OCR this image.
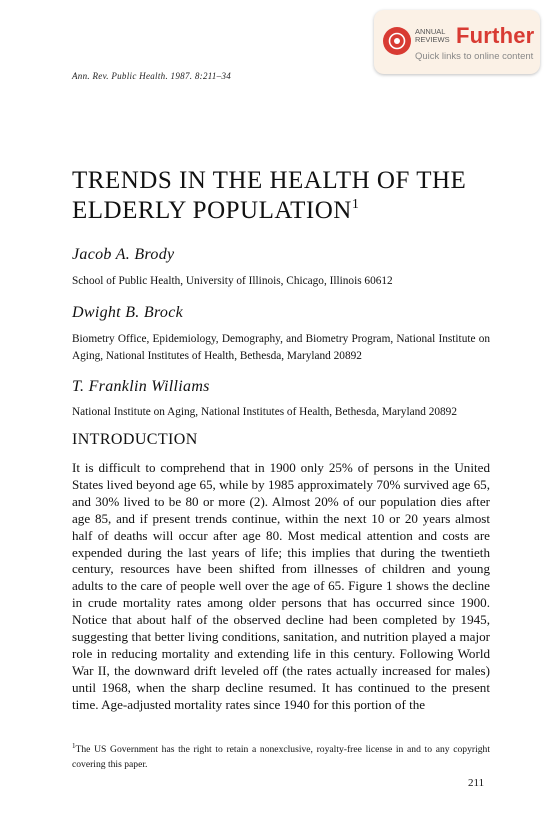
ANNUAL
REVIEWS Further
Quick links to online content
Ann. Rev. Public Health. 1987. 8:211–34
TRENDS IN THE HEALTH OF THE
ELDERLY POPULATION$^1$
Jacob A. Brody
School of Public Health, University of Illinois, Chicago, Illinois 60612
Dwight B. Brock
Biometry Office, Epidemiology, Demography, and Biometry Program, National Institute on Aging, National Institutes of Health, Bethesda, Maryland 20892
T. Franklin Williams
National Institute on Aging, National Institutes of Health, Bethesda, Maryland 20892
INTRODUCTION

It is difficult to comprehend that in 1900 only 25% of persons in the United States lived beyond age 65, while by 1985 approximately 70% survived age 65, and 30% lived to be 80 or more (2). Almost 20% of our population dies after age 85, and if present trends continue, within the next 10 or 20 years almost half of deaths will occur after age 80. Most medical attention and costs are expended during the last years of life; this implies that during the twentieth century, resources have been shifted from illnesses of children and young adults to the care of people well over the age of 65. Figure 1 shows the decline in crude mortality rates among older persons that has occurred since 1900. Notice that about half of the observed decline had been completed by 1945, suggesting that better living conditions, sanitation, and nutrition played a major role in reducing mortality and extending life in this century. Following World War II, the downward drift leveled off (the rates actually increased for males) until 1968, when the sharp decline resumed. It has continued to the present time. Age-adjusted mortality rates since 1940 for this portion of the

$^1$The US Government has the right to retain a nonexclusive, royalty-free license in and to any copyright covering this paper.

211
